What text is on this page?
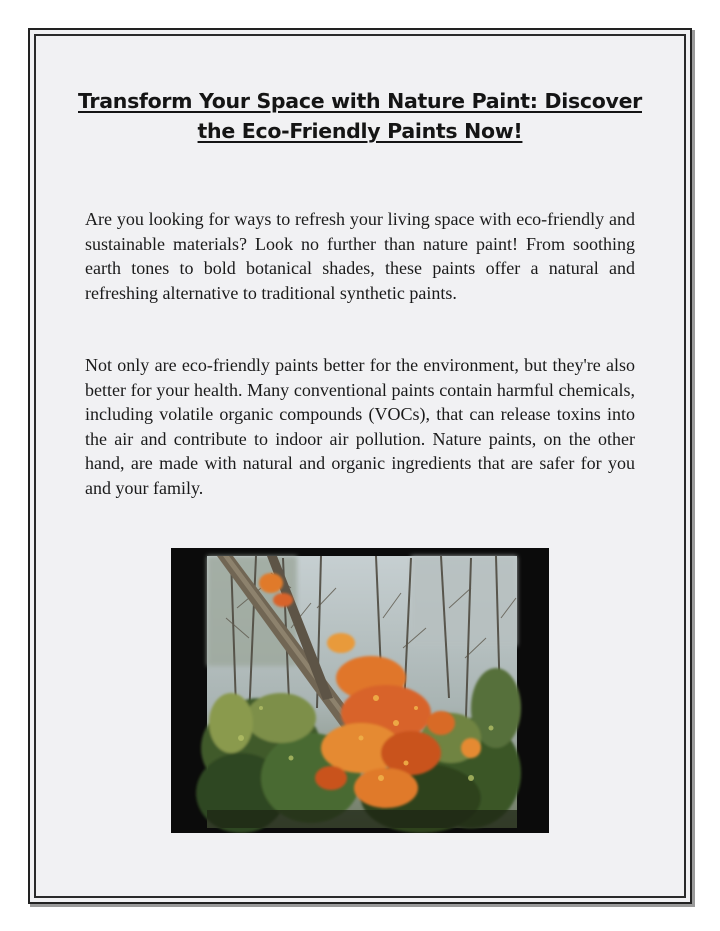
Transform Your Space with Nature Paint: Discover the Eco-Friendly Paints Now!

Are you looking for ways to refresh your living space with eco-friendly and sustainable materials? Look no further than nature paint! From soothing earth tones to bold botanical shades, these paints offer a natural and refreshing alternative to traditional synthetic paints.

Not only are eco-friendly paints better for the environment, but they're also better for your health. Many conventional paints contain harmful chemicals, including volatile organic compounds (VOCs), that can release toxins into the air and contribute to indoor air pollution. Nature paints, on the other hand, are made with natural and organic ingredients that are safer for you and your family.
